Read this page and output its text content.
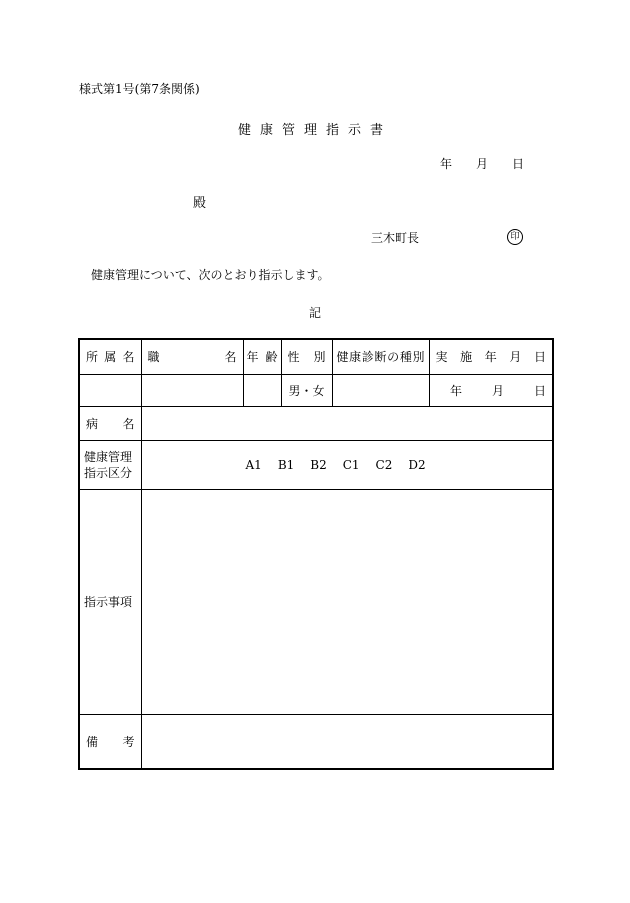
様式第1号(第7条関係)
健康管理指示書
年 月 日
殿
三木町長	印
健康管理について、次のとおり指示します。
記
所属名	職 名	年齢	性別	健康診断の種別	実施年月日

			男・女		年 月 日

病名					

健康管理
指示区分	A1 B1 B2 C1 C2 D2				
指示事項					

備考					
